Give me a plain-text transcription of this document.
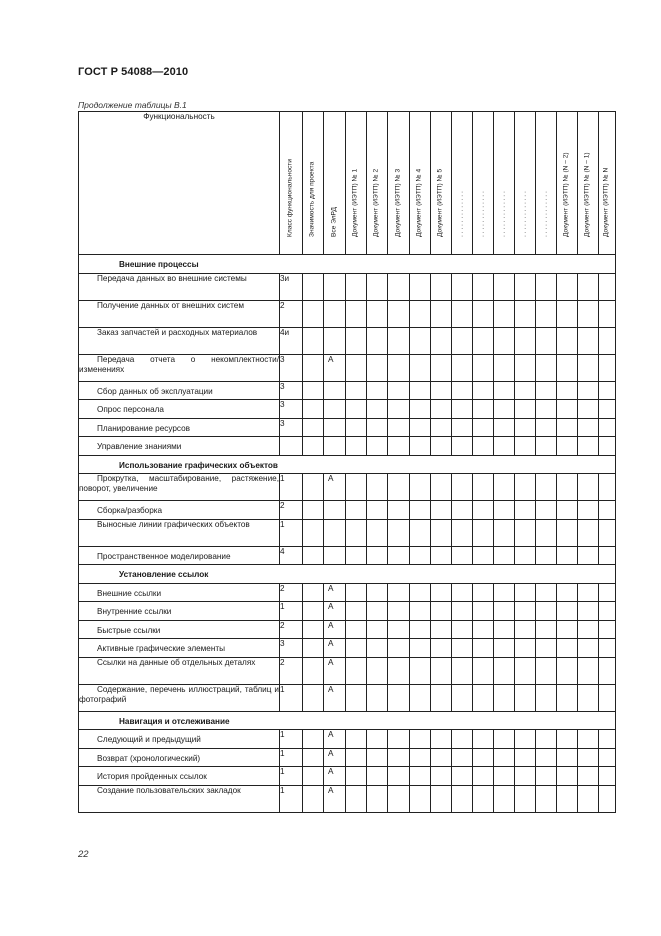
ГОСТ Р 54088—2010
Продолжение таблицы В.1
Функциональность	Класс функциональности	Значимость для проекта	Все ЭлРД	Документ (ИЭТП) № 1	Документ (ИЭТП) № 2	Документ (ИЭТП) № 3	Документ (ИЭТП) № 4	Документ (ИЭТП) № 5	. . . . . . . . . . . . .	. . . . . . . . . . . . .	. . . . . . . . . . . . .	. . . . . . . . . . . . .	. . . . . . . . . . . . .	Документ (ИЭТП) № (N – 2)	Документ (ИЭТП) № (N – 1)	Документ (ИЭТП) № N

Внешние процессы																
Передача данных во внешние системы	3и															
Получение данных от внешних систем	2															
Заказ запчастей и расходных материалов	4и															
Передача отчета о некомплектности/изменениях	3		А													
Сбор данных об эксплуатации	3															
Опрос персонала	3															
Планирование ресурсов	3															
Управление знаниями																
Использование графических объектов																
Прокрутка, масштабирование, растяжение, поворот, увеличение	1		А													
Сборка/разборка	2															
Выносные линии графических объектов	1															
Пространственное моделирование	4															
Установление ссылок																
Внешние ссылки	2		А													
Внутренние ссылки	1		А													
Быстрые ссылки	2		А													
Активные графические элементы	3		А													
Ссылки на данные об отдельных деталях	2		А													
Содержание, перечень иллюстраций, таблиц и фотографий	1		А													
Навигация и отслеживание																
Следующий и предыдущий	1		А													
Возврат (хронологический)	1		А													
История пройденных ссылок	1		А													
Создание пользовательских закладок	1		А													
22
